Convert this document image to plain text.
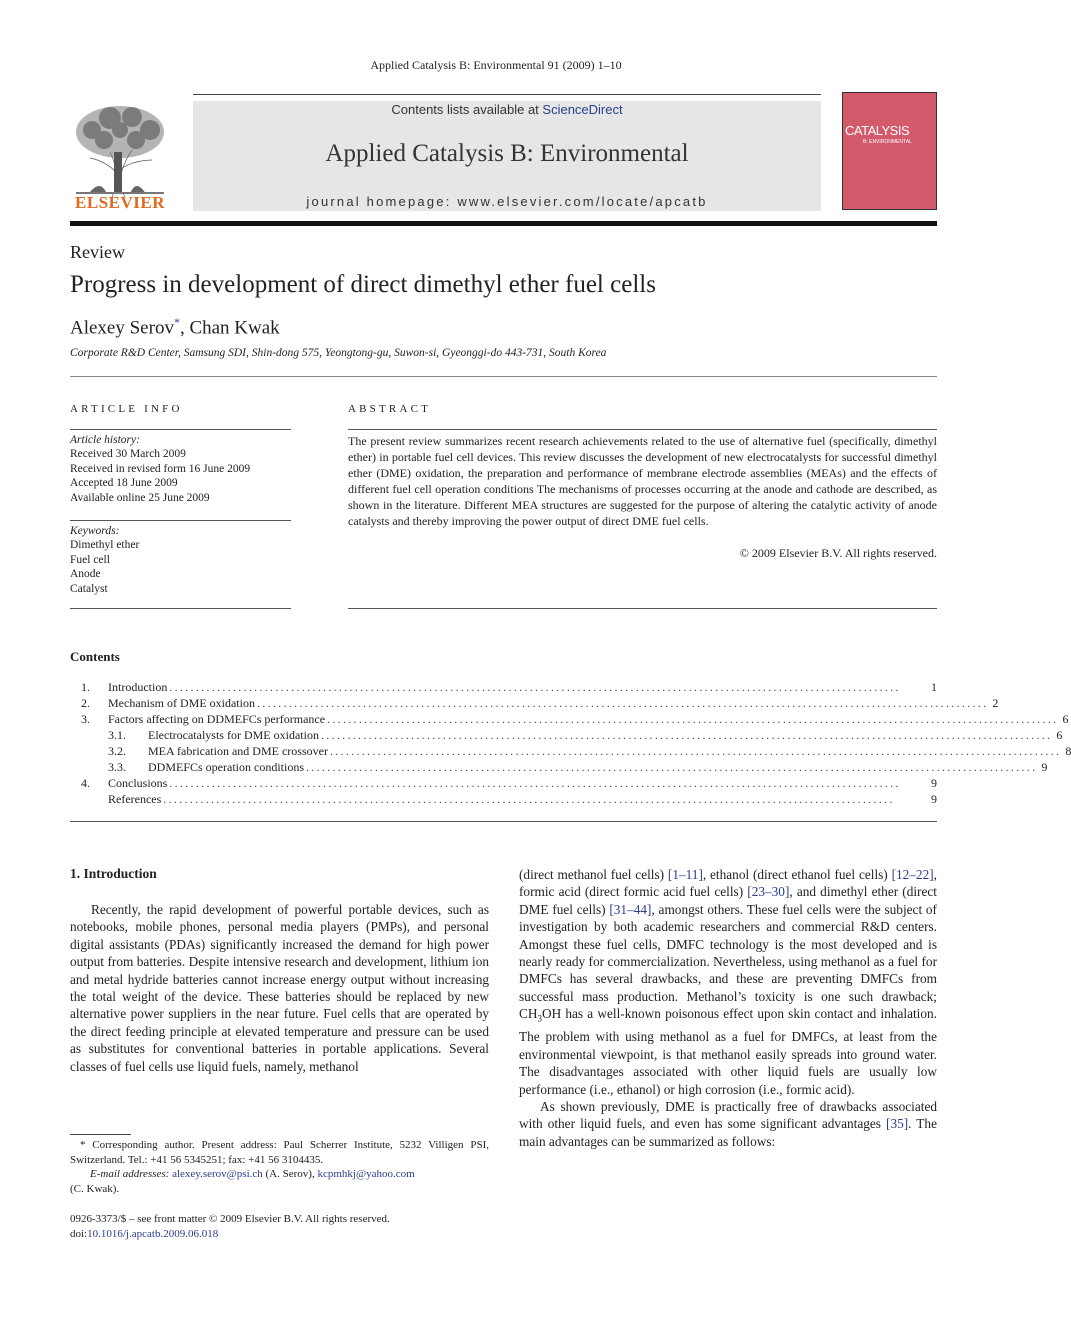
Applied Catalysis B: Environmental 91 (2009) 1–10
ELSEVIER
Contents lists available at ScienceDirect
Applied Catalysis B: Environmental
journal homepage: www.elsevier.com/locate/apcatb
CATALYSIS
B: ENVIRONMENTAL
Review
Progress in development of direct dimethyl ether fuel cells
Alexey Serov*, Chan Kwak
Corporate R&D Center, Samsung SDI, Shin-dong 575, Yeongtong-gu, Suwon-si, Gyeonggi-do 443-731, South Korea
ARTICLE INFO
Article history:
Received 30 March 2009
Received in revised form 16 June 2009
Accepted 18 June 2009
Available online 25 June 2009
Keywords:
Dimethyl ether
Fuel cell
Anode
Catalyst
ABSTRACT
The present review summarizes recent research achievements related to the use of alternative fuel (specifically, dimethyl ether) in portable fuel cell devices. This review discusses the development of new electrocatalysts for successful dimethyl ether (DME) oxidation, the preparation and performance of membrane electrode assemblies (MEAs) and the effects of different fuel cell operation conditions The mechanisms of processes occurring at the anode and cathode are described, as shown in the literature. Different MEA structures are suggested for the purpose of altering the catalytic activity of anode catalysts and thereby improving the power output of direct DME fuel cells.
© 2009 Elsevier B.V. All rights reserved.
Contents
1. Introduction ..........................................................................................................................................	1
2. Mechanism of DME oxidation .......................................................................................................................................... 2
3. Factors affecting on DDMEFCs performance .......................................................................................................................................... 6
3.1. Electrocatalysts for DME oxidation .......................................................................................................................................... 6
3.2. MEA fabrication and DME crossover .......................................................................................................................................... 8
3.3. DDMEFCs operation conditions .......................................................................................................................................... 9
4. Conclusions ..........................................................................................................................................	9
References ..........................................................................................................................................	9
1. Introduction
Recently, the rapid development of powerful portable devices, such as notebooks, mobile phones, personal media players (PMPs), and personal digital assistants (PDAs) significantly increased the demand for high power output from batteries. Despite intensive research and development, lithium ion and metal hydride batteries cannot increase energy output without increasing the total weight of the device. These batteries should be replaced by new alternative power suppliers in the near future. Fuel cells that are operated by the direct feeding principle at elevated temperature and pressure can be used as substitutes for conventional batteries in portable applications. Several classes of fuel cells use liquid fuels, namely, methanol

(direct methanol fuel cells) [1–11], ethanol (direct ethanol fuel cells) [12–22], formic acid (direct formic acid fuel cells) [23–30], and dimethyl ether (direct DME fuel cells) [31–44], amongst others. These fuel cells were the subject of investigation by both academic researchers and commercial R&D centers. Amongst these fuel cells, DMFC technology is the most developed and is nearly ready for commercialization. Nevertheless, using methanol as a fuel for DMFCs has several drawbacks, and these are preventing DMFCs from successful mass production. Methanol’s toxicity is one such drawback; $CH_3OH$ has a well-known poisonous effect upon skin contact and inhalation. The problem with using methanol as a fuel for DMFCs, at least from the environmental viewpoint, is that methanol easily spreads into ground water. The disadvantages associated with other liquid fuels are usually low performance (i.e., ethanol) or high corrosion (i.e., formic acid).

As shown previously, DME is practically free of drawbacks associated with other liquid fuels, and even has some significant advantages [35]. The main advantages can be summarized as follows:

* Corresponding author. Present address: Paul Scherrer Institute, 5232 Villigen PSI, Switzerland. Tel.: +41 56 5345251; fax: +41 56 3104435.
E-mail addresses: alexey.serov@psi.ch (A. Serov), kcpmhkj@yahoo.com
(C. Kwak).
0926-3373/$ – see front matter © 2009 Elsevier B.V. All rights reserved.
doi:10.1016/j.apcatb.2009.06.018
